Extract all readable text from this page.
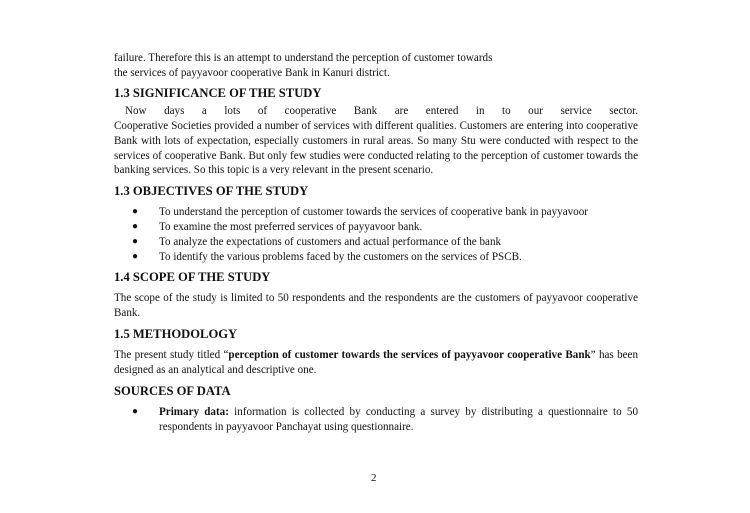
failure. Therefore this is an attempt to understand the perception of customer towards
the services of payyavoor cooperative Bank in Kanuri district.

1.3 SIGNIFICANCE OF THE STUDY

Now days a lots of cooperative Bank are entered in to our service sector.

Cooperative Societies provided a number of services with different qualities. Customers are entering into cooperative Bank with lots of expectation, especially customers in rural areas. So many Stu were conducted with respect to the services of cooperative Bank. But only few studies were conducted relating to the perception of customer towards the banking services. So this topic is a very relevant in the present scenario.

1.3 OBJECTIVES OF THE STUDY
● To understand the perception of customer towards the services of cooperative bank in payyavoor
● To examine the most preferred services of payyavoor bank.
● To analyze the expectations of customers and actual performance of the bank
● To identify the various problems faced by the customers on the services of PSCB.
1.4 SCOPE OF THE STUDY

The scope of the study is limited to 50 respondents and the respondents are the customers of payyavoor cooperative Bank.

1.5 METHODOLOGY

The present study titled “perception of customer towards the services of payyavoor cooperative Bank” has been designed as an analytical and descriptive one.

SOURCES OF DATA
● Primary data: information is collected by conducting a survey by distributing a questionnaire to 50 respondents in payyavoor Panchayat using questionnaire.
2
